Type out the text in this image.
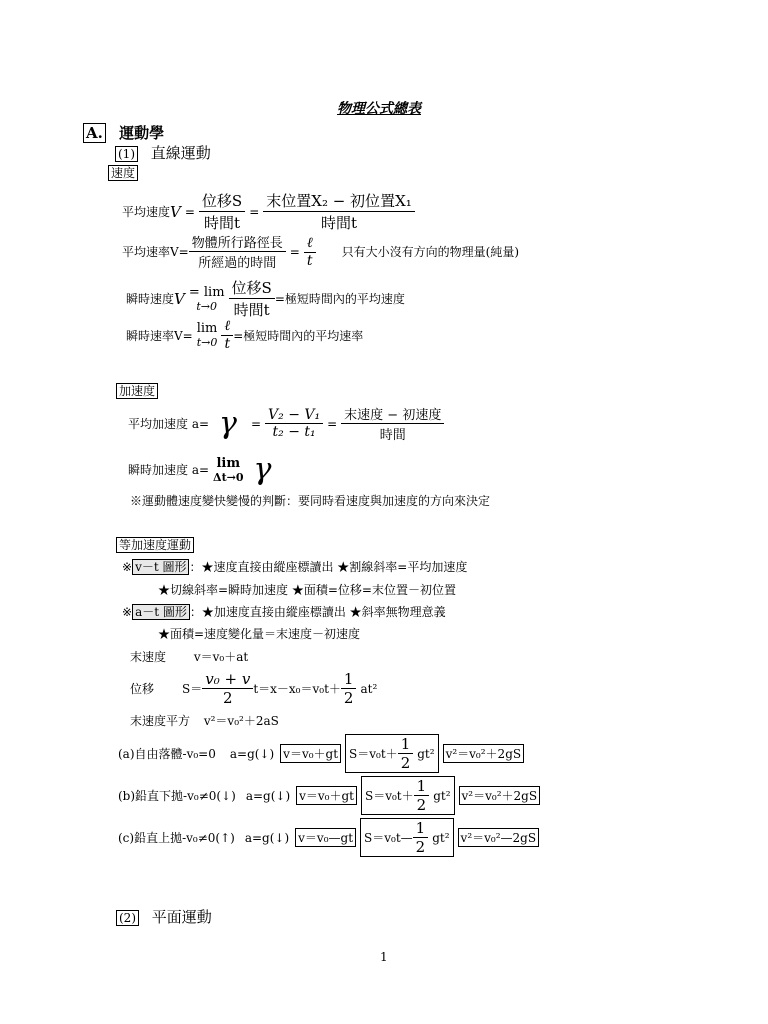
物理公式總表
A. 運動學
(1) 直線運動
速度
平均速度 $V = \frac{\text{位移S}}{\text{時間t}} = \frac{\text{末位置X₂ − 初位置X₁}}{\text{時間t}}$
平均速率$V= \frac{\text{物體所行路徑長}}{\text{所經過的時間}} = \frac{\text{ℓ}}{t}$ 只有大小沒有方向的物理量(純量)
瞬時速度 V = lim
$t\to 0 \frac{\text{位移S}}{\text{時間t}}$ =極短時間內的平均速度
瞬時速率V= lim
$t\to 0 \frac{\text{ℓ}}{t}$ =極短時間內的平均速率
加速度
平均加速度 $a= \gamma = \frac{\text{V₂ − V₁}}{\text{t₂ − t₁}} = \frac{\text{末速度 − 初速度}}{\text{時間}}$
瞬時加速度 a= lim
Δt→0 γ
※運動體速度變快變慢的判斷：要同時看速度與加速度的方向來決定
等加速度運動
※ v－t 圖形 ：★速度直接由縱座標讀出 ★割線斜率=平均加速度
★切線斜率=瞬時加速度 ★面積=位移=末位置－初位置
※ a－t 圖形 ：★加速度直接由縱座標讀出 ★斜率無物理意義
★面積=速度變化量＝末速度－初速度
末速度 v＝v₀＋at
位移 $S= \frac{\text{v₀ + v}}{2} t=x-x_0=v_0t+ \frac{1}{2} at^2$
末速度平方 v²＝v₀²＋2aS
(a)自由落體-v₀=0 a=g(↓) v＝v₀＋gt $S=v_0t+ \frac{1}{2} gt^2$ v²＝v₀²＋2gS
(b)鉛直下拋-v₀≠0(↓) a=g(↓) v＝v₀＋gt $S=v_0t+ \frac{1}{2} gt^2$ v²＝v₀²＋2gS
(c)鉛直上拋-v₀≠0(↑) a=g(↓) v＝v₀—gt S＝v₀t— $\frac{1}{2} gt^2$ v²＝v₀²—2gS
(2) 平面運動
1
